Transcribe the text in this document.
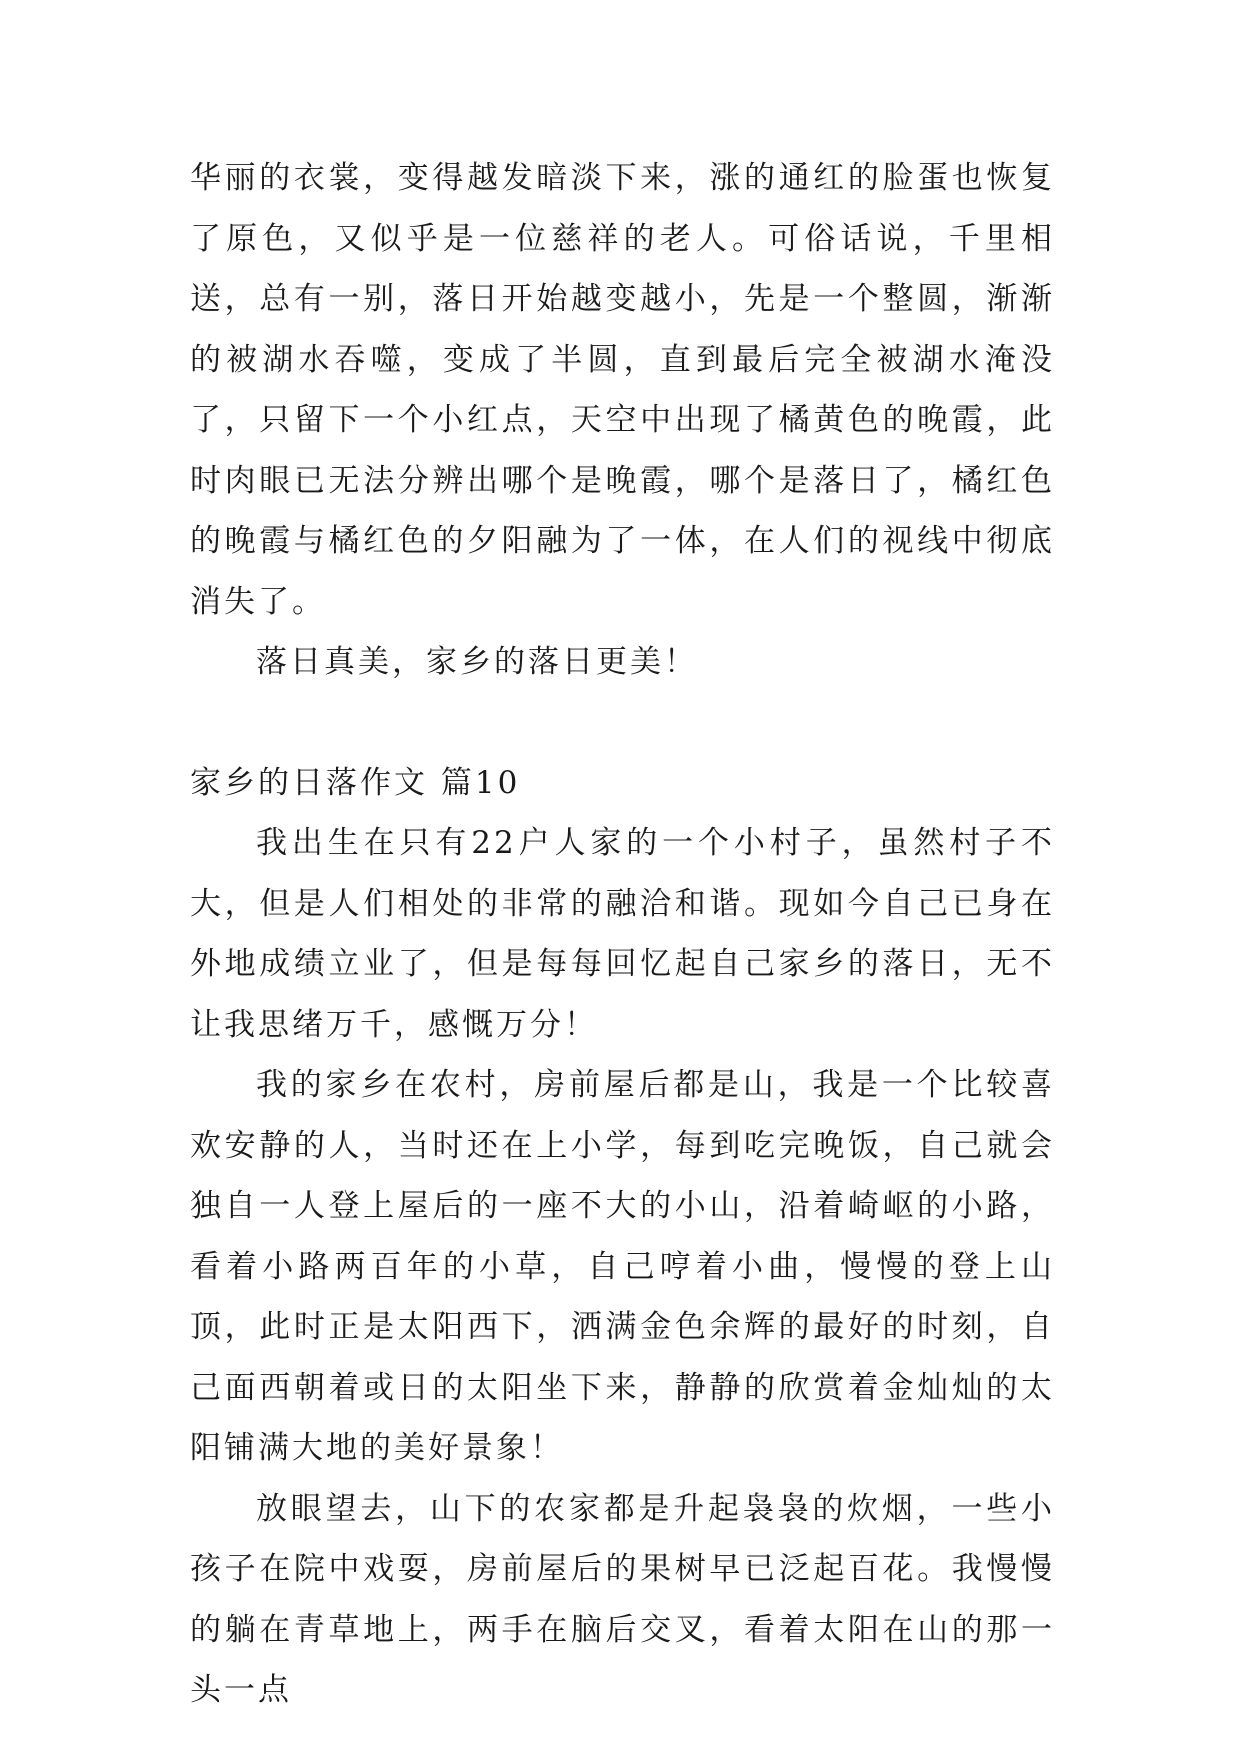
华丽的衣裳，变得越发暗淡下来，涨的通红的脸蛋也恢复了原色，又似乎是一位慈祥的老人。可俗话说，千里相送，总有一别，落日开始越变越小，先是一个整圆，渐渐的被湖水吞噬，变成了半圆，直到最后完全被湖水淹没了，只留下一个小红点，天空中出现了橘黄色的晚霞，此时肉眼已无法分辨出哪个是晚霞，哪个是落日了，橘红色的晚霞与橘红色的夕阳融为了一体，在人们的视线中彻底消失了。

落日真美，家乡的落日更美！

家乡的日落作文 篇10

我出生在只有22户人家的一个小村子，虽然村子不大，但是人们相处的非常的融洽和谐。现如今自己已身在外地成绩立业了，但是每每回忆起自己家乡的落日，无不让我思绪万千，感慨万分！

我的家乡在农村，房前屋后都是山，我是一个比较喜欢安静的人，当时还在上小学，每到吃完晚饭，自己就会独自一人登上屋后的一座不大的小山，沿着崎岖的小路，看着小路两百年的小草，自己哼着小曲，慢慢的登上山顶，此时正是太阳西下，洒满金色余辉的最好的时刻，自己面西朝着或日的太阳坐下来，静静的欣赏着金灿灿的太阳铺满大地的美好景象！

放眼望去，山下的农家都是升起袅袅的炊烟，一些小孩子在院中戏耍，房前屋后的果树早已泛起百花。我慢慢的躺在青草地上，两手在脑后交叉，看着太阳在山的那一头一点
